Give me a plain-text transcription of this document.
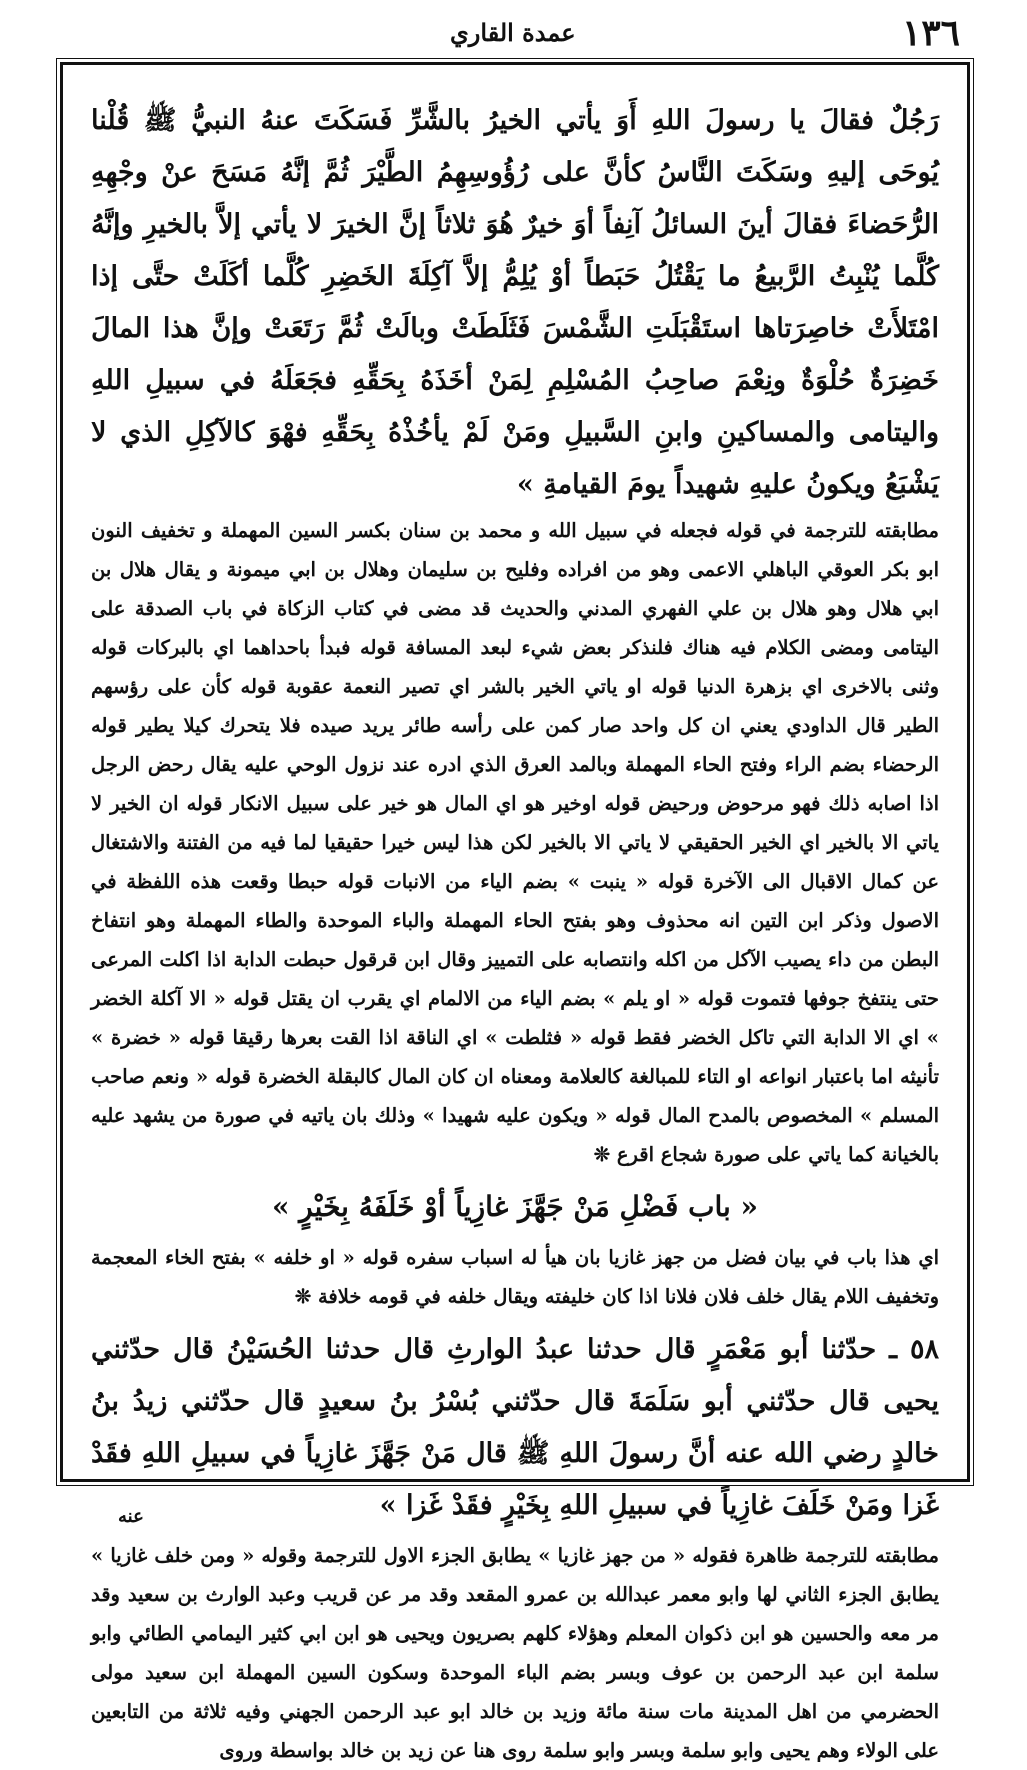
١٣٦
عمدة القاري

رَجُلٌ فقالَ يا رسولَ اللهِ أَوَ يأتي الخيرُ بالشَّرِّ فَسَكَتَ عنهُ النبيُّ ﷺ قُلْنا يُوحَى إليهِ وسَكَتَ النَّاسُ كأنَّ على رُؤُوسِهِمُ الطَّيْرَ ثُمَّ إنَّهُ مَسَحَ عنْ وجْهِهِ الرُّحَضاءَ فقالَ أينَ السائلُ آنِفاً أوَ خيرٌ هُوَ ثلاثاً إنَّ الخيرَ لا يأتي إلاَّ بالخيرِ وإنَّهُ كُلَّما يُنْبِتُ الرَّبيعُ ما يَقْتُلُ حَبَطاً أوْ يُلِمُّ إلاَّ آكِلَةَ الخَضِرِ كُلَّما أكَلَتْ حتَّى إذا امْتَلأَتْ خاصِرَتاها استَقْبَلَتِ الشَّمْسَ فَثَلَطَتْ وبالَتْ ثُمَّ رَتَعَتْ وإنَّ هذا المالَ خَضِرَةٌ حُلْوَةٌ ونِعْمَ صاحِبُ المُسْلِمِ لِمَنْ أخَذَهُ بِحَقِّهِ فجَعَلَهُ في سبيلِ اللهِ واليتامى والمساكينِ وابنِ السَّبيلِ ومَنْ لَمْ يأخُذْهُ بِحَقِّهِ فهْوَ كالآكِلِ الذي لا يَشْبَعُ ويكونُ عليهِ شهيداً يومَ القيامةِ »

مطابقته للترجمة في قوله فجعله في سبيل الله و محمد بن سنان بكسر السين المهملة و تخفيف النون ابو بكر العوقي الباهلي الاعمى وهو من افراده وفليح بن سليمان وهلال بن ابي ميمونة و يقال هلال بن ابي هلال وهو هلال بن علي الفهري المدني والحديث قد مضى في كتاب الزكاة في باب الصدقة على اليتامى ومضى الكلام فيه هناك فلنذكر بعض شيء لبعد المسافة قوله فبدأ باحداهما اي بالبركات قوله وثنى بالاخرى اي بزهرة الدنيا قوله او ياتي الخير بالشر اي تصير النعمة عقوبة قوله كأن على رؤسهم الطير قال الداودي يعني ان كل واحد صار كمن على رأسه طائر يريد صيده فلا يتحرك كيلا يطير قوله الرحضاء بضم الراء وفتح الحاء المهملة وبالمد العرق الذي ادره عند نزول الوحي عليه يقال رحض الرجل اذا اصابه ذلك فهو مرحوض ورحيض قوله اوخير هو اي المال هو خير على سبيل الانكار قوله ان الخير لا ياتي الا بالخير اي الخير الحقيقي لا ياتي الا بالخير لكن هذا ليس خيرا حقيقيا لما فيه من الفتنة والاشتغال عن كمال الاقبال الى الآخرة قوله « ينبت » بضم الياء من الانبات قوله حبطا وقعت هذه اللفظة في الاصول وذكر ابن التين انه محذوف وهو بفتح الحاء المهملة والباء الموحدة والطاء المهملة وهو انتفاخ البطن من داء يصيب الآكل من اكله وانتصابه على التمييز وقال ابن قرقول حبطت الدابة اذا اكلت المرعى حتى ينتفخ جوفها فتموت قوله « او يلم » بضم الياء من الالمام اي يقرب ان يقتل قوله « الا آكلة الخضر » اي الا الدابة التي تاكل الخضر فقط قوله « فثلطت » اي الناقة اذا القت بعرها رقيقا قوله « خضرة » تأنيثه اما باعتبار انواعه او التاء للمبالغة كالعلامة ومعناه ان كان المال كالبقلة الخضرة قوله « ونعم صاحب المسلم » المخصوص بالمدح المال قوله « ويكون عليه شهيدا » وذلك بان ياتيه في صورة من يشهد عليه بالخيانة كما ياتي على صورة شجاع اقرع ❊

« باب فَضْلِ مَنْ جَهَّزَ غازِياً أوْ خَلَفَهُ بِخَيْرٍ »

اي هذا باب في بيان فضل من جهز غازيا بان هيأ له اسباب سفره قوله « او خلفه » بفتح الخاء المعجمة وتخفيف اللام يقال خلف فلان فلانا اذا كان خليفته ويقال خلفه في قومه خلافة ❊

٥٨ ـ حدّثنا أبو مَعْمَرٍ قال حدثنا عبدُ الوارثِ قال حدثنا الحُسَيْنُ قال حدّثني يحيى قال حدّثني أبو سَلَمَةَ قال حدّثني بُسْرُ بنُ سعيدٍ قال حدّثني زيدُ بنُ خالدٍ رضي الله عنه أنَّ رسولَ اللهِ ﷺ قال مَنْ جَهَّزَ غازِياً في سبيلِ اللهِ فقَدْ غَزا ومَنْ خَلَفَ غازِياً في سبيلِ اللهِ بِخَيْرٍ فقَدْ غَزا »

مطابقته للترجمة ظاهرة فقوله « من جهز غازيا » يطابق الجزء الاول للترجمة وقوله « ومن خلف غازيا » يطابق الجزء الثاني لها وابو معمر عبدالله بن عمرو المقعد وقد مر عن قريب وعبد الوارث بن سعيد وقد مر معه والحسين هو ابن ذكوان المعلم وهؤلاء كلهم بصريون ويحيى هو ابن ابي كثير اليمامي الطائي وابو سلمة ابن عبد الرحمن بن عوف وبسر بضم الباء الموحدة وسكون السين المهملة ابن سعيد مولى الحضرمي من اهل المدينة مات سنة مائة وزيد بن خالد ابو عبد الرحمن الجهني وفيه ثلاثة من التابعين على الولاء وهم يحيى وابو سلمة وبسر وابو سلمة روى هنا عن زيد بن خالد بواسطة وروى

عنه
